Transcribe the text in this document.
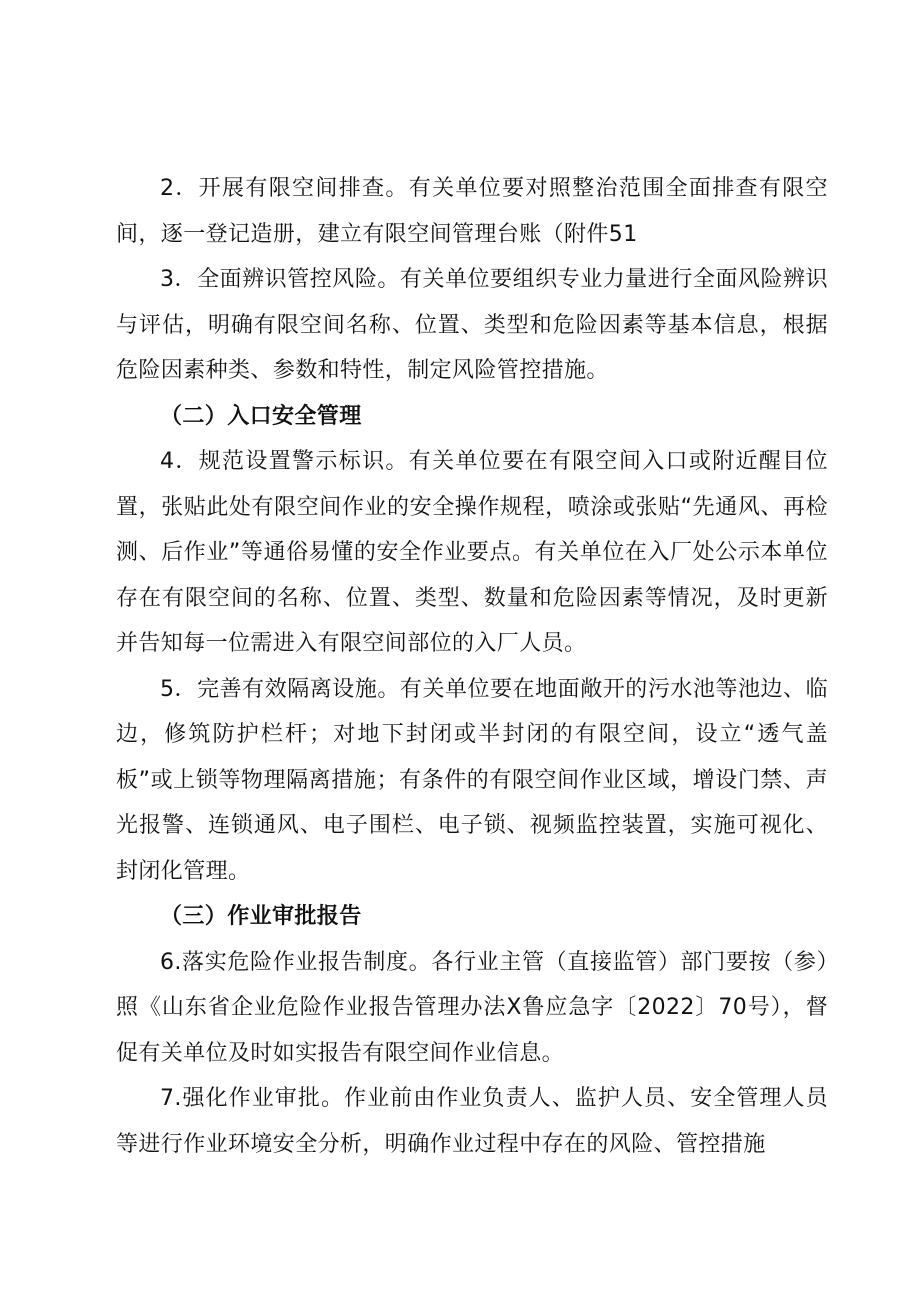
2．开展有限空间排查。有关单位要对照整治范围全面排查有限空间，逐一登记造册，建立有限空间管理台账（附件51

3．全面辨识管控风险。有关单位要组织专业力量进行全面风险辨识与评估，明确有限空间名称、位置、类型和危险因素等基本信息，根据危险因素种类、参数和特性，制定风险管控措施。

（二）入口安全管理

4．规范设置警示标识。有关单位要在有限空间入口或附近醒目位置，张贴此处有限空间作业的安全操作规程，喷涂或张贴“先通风、再检测、后作业”等通俗易懂的安全作业要点。有关单位在入厂处公示本单位存在有限空间的名称、位置、类型、数量和危险因素等情况，及时更新并告知每一位需进入有限空间部位的入厂人员。

5．完善有效隔离设施。有关单位要在地面敞开的污水池等池边、临边，修筑防护栏杆；对地下封闭或半封闭的有限空间，设立“透气盖板”或上锁等物理隔离措施；有条件的有限空间作业区域，增设门禁、声光报警、连锁通风、电子围栏、电子锁、视频监控装置，实施可视化、封闭化管理。

（三）作业审批报告

6.落实危险作业报告制度。各行业主管（直接监管）部门要按（参）照《山东省企业危险作业报告管理办法X鲁应急字〔2022〕70号），督促有关单位及时如实报告有限空间作业信息。

7.强化作业审批。作业前由作业负责人、监护人员、安全管理人员等进行作业环境安全分析，明确作业过程中存在的风险、管控措施
